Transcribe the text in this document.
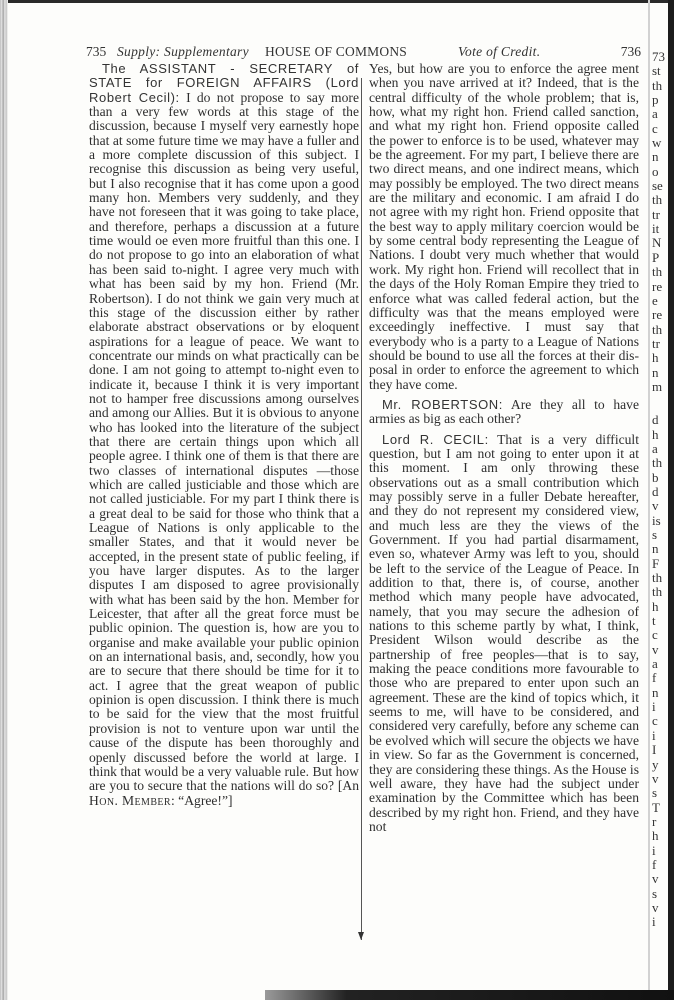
735 Supply: Supplementary HOUSE OF COMMONS	Vote of Credit.	736

The ASSISTANT - SECRETARY of STATE for FOREIGN AFFAIRS (Lord Robert Cecil): I do not propose to say more than a very few words at this stage of the discussion, because I myself very earnestly hope that at some future time we may have a fuller and a more complete discussion of this subject. I recognise this discussion as being very useful, but I also recognise that it has come upon a good many hon. Members very suddenly, and they have not foreseen that it was going to take place, and therefore, perhaps a discussion at a future time would oe even more fruitful than this one. I do not propose to go into an elaboration of what has been said to-night. I agree very much with what has been said by my hon. Friend (Mr. Robertson). I do not think we gain very much at this stage of the discussion either by rather elaborate abstract observations or by eloquent aspirations for a league of peace. We want to concentrate our minds on what practically can be done. I am not going to attempt to-night even to indicate it, because I think it is very important not to hamper free discussions among ourselves and among our Allies. But it is obvious to anyone who has looked into the literature of the subject that there are certain things upon which all people agree. I think one of them is that there are two classes of international disputes —those which are called justiciable and those which are not called justiciable. For my part I think there is a great deal to be said for those who think that a League of Nations is only applicable to the smaller States, and that it would never be accepted, in the present state of public feeling, if you have larger disputes. As to the larger disputes I am disposed to agree provisionally with what has been said by the hon. Member for Leicester, that after all the great force must be public opinion. The question is, how are you to organise and make available your public opinion on an international basis, and, secondly, how you are to secure that there should be time for it to act. I agree that the great weapon of public opinion is open discussion. I think there is much to be said for the view that the most fruitful provision is not to venture upon war until the cause of the dispute has been thoroughly and openly discussed before the world at large. I think that would be a very valuable rule. But how are you to secure that the nations will do so? [An Hon. Member: “Agree!”]

Yes, but how are you to enforce the agree ment when you nave arrived at it? Indeed, that is the central difficulty of the whole problem; that is, how, what my right hon. Friend called sanction, and what my right hon. Friend opposite called the power to enforce is to be used, whatever may be the agreement. For my part, I believe there are two direct means, and one indirect means, which may possibly be employed. The two direct means are the military and economic. I am afraid I do not agree with my right hon. Friend opposite that the best way to apply military coercion would be by some central body representing the League of Nations. I doubt very much whether that would work. My right hon. Friend will recollect that in the days of the Holy Roman Empire they tried to enforce what was called federal action, but the difficulty was that the means employed were exceedingly ineffective. I must say that everybody who is a party to a League of Nations should be bound to use all the forces at their disposal in order to enforce the agreement to which they have come.

Mr. ROBERTSON: Are they all to have armies as big as each other?

Lord R. CECIL: That is a very difficult question, but I am not going to enter upon it at this moment. I am only throwing these observations out as a small contribution which may possibly serve in a fuller Debate hereafter, and they do not represent my considered view, and much less are they the views of the Government. If you had partial disarmament, even so, whatever Army was left to you, should be left to the service of the League of Peace. In addition to that, there is, of course, another method which many people have advocated, namely, that you may secure the adhesion of nations to this scheme partly by what, I think, President Wilson would describe as the partnership of free peoples—that is to say, making the peace conditions more favourable to those who are prepared to enter upon such an agreement. These are the kind of topics which, it seems to me, will have to be considered, and considered very carefully, before any scheme can be evolved which will secure the objects we have in view. So far as the Government is concerned, they are considering these things. As the House is well aware, they have had the subject under examination by the Committee which has been described by my right hon. Friend, and they have not

73
st
th
p
a
c
w
n
o
se
th
tr
it
N
P
th
re
e
re
th
tr
h
n
m
d
h
a
th
b
d
v
is
s
n
F
th
th
h
t
c
v
a
f
n
i
c
i
I
y
v
s
T
r
h
i
f
v
s
v
i
